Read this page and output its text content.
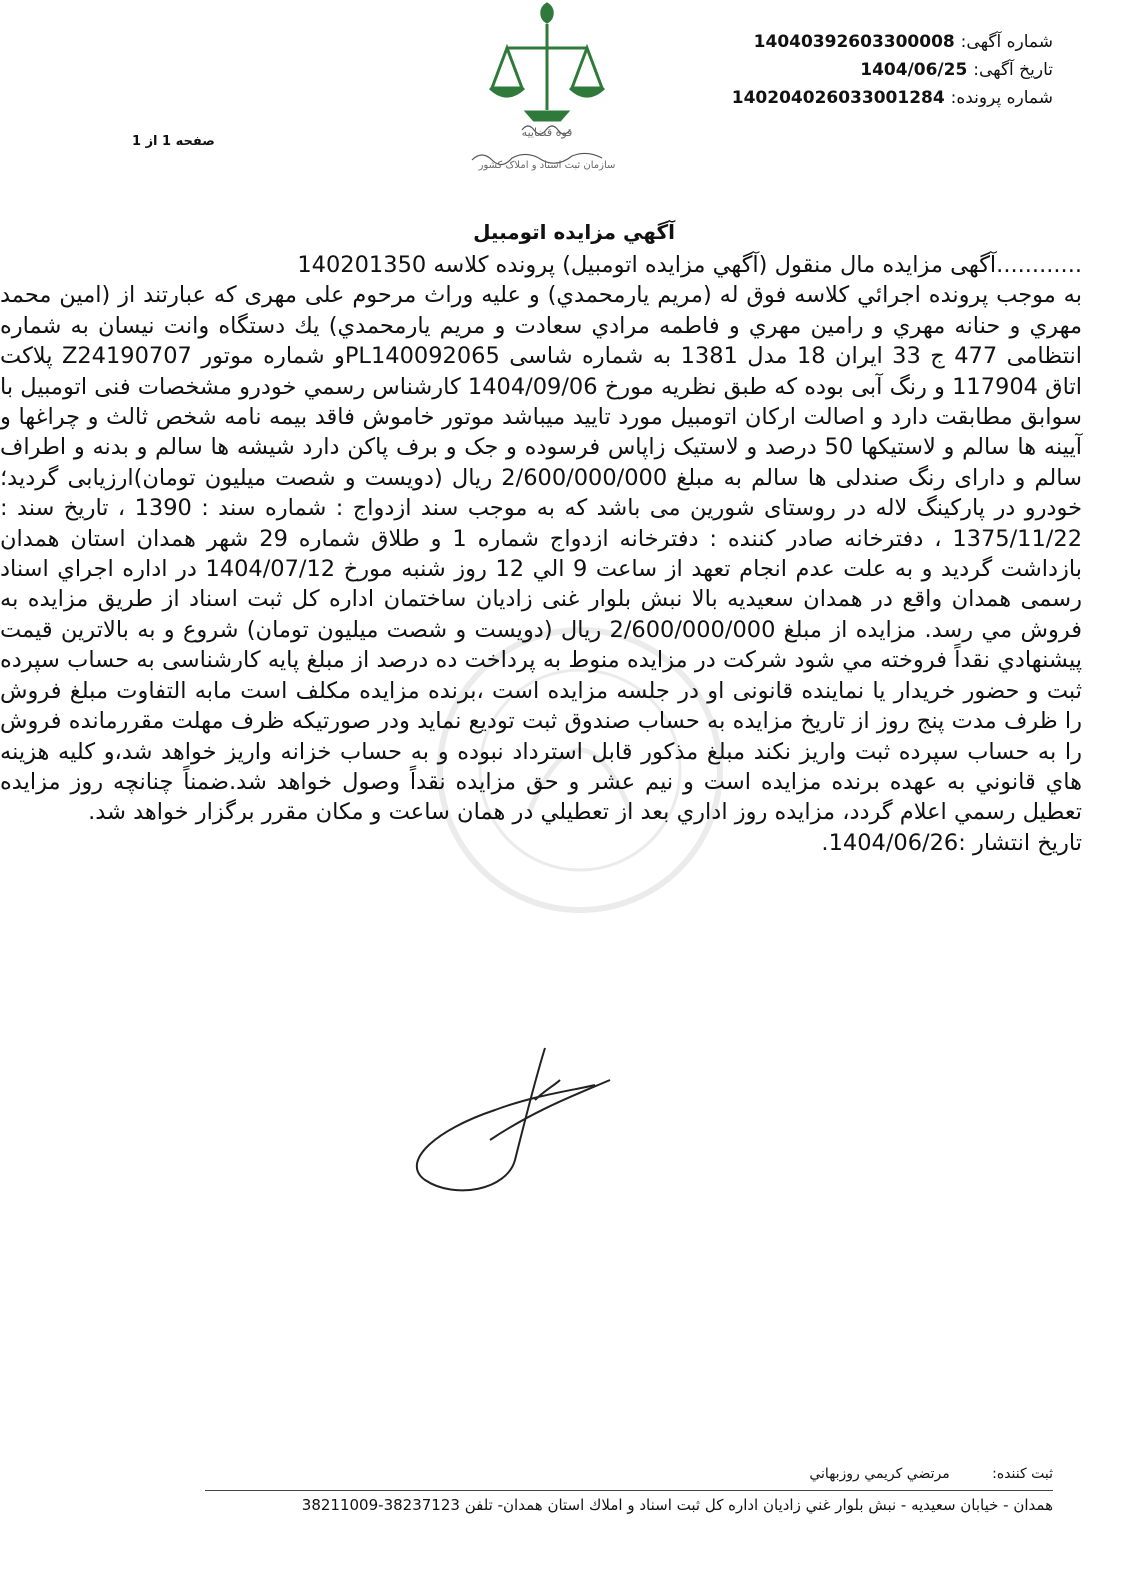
شماره آگهی: 14040392603300008
تاریخ آگهی: 1404/06/25
شماره پرونده: 140204026033001284
صفحه 1 از 1
قوه قضاییه
سازمان ثبت اسناد و املاک کشور
آگهي مزايده اتومبيل

............آگهی مزایده مال منقول (آگهي مزايده اتومبيل) پرونده كلاسه 140201350

به موجب پرونده اجرائي كلاسه فوق له (مريم يارمحمدي) و عليه وراث مرحوم علی مهری كه عبارتند از (امين محمد مهري و حنانه مهري و رامين مهري و فاطمه مرادي سعادت و مريم يارمحمدي) يك دستگاه وانت نیسان به شماره انتظامی 477 ج 33 ایران 18 مدل 1381 به شماره شاسی PL140092065و شماره موتور Z24190707 پلاکت اتاق 117904 و رنگ آبی بوده که طبق نظریه مورخ 1404/09/06 کارشناس رسمي خودرو مشخصات فنی اتومبیل با سوابق مطابقت دارد و اصالت ارکان اتومبیل مورد تایید میباشد موتور خاموش فاقد بیمه نامه شخص ثالث و چراغها و آیینه ها سالم و لاستیکها 50 درصد و لاستیک زاپاس فرسوده و جک و برف پاکن دارد شیشه ها سالم و بدنه و اطراف سالم و دارای رنگ صندلی ها سالم به مبلغ 2/600/000/000 ریال (دویست و شصت میلیون تومان)ارزیابی گردید؛خودرو در پارکینگ لاله در روستای شورین می باشد که به موجب سند ازدواج : شماره سند : 1390 ، تاریخ سند : 1375/11/22 ، دفترخانه صادر کننده : دفترخانه ازدواج شماره 1 و طلاق شماره 29 شهر همدان استان همدان بازداشت گرديد و به علت عدم انجام تعهد از ساعت 9 الي 12 روز شنبه مورخ 1404/07/12 در اداره اجراي اسناد رسمی همدان واقع در همدان سعیدیه بالا نبش بلوار غنی زادیان ساختمان اداره کل ثبت اسناد از طریق مزايده به فروش مي رسد. مزايده از مبلغ 2/600/000/000 ریال (دویست و شصت میلیون تومان) شروع و به بالاترين قيمت پيشنهادي نقداً فروخته مي شود شرکت در مزايده منوط به پرداخت ده درصد از مبلغ پایه کارشناسی به حساب سپرده ثبت و حضور خریدار یا نماینده قانونی او در جلسه مزایده است ،برنده مزايده مكلف است مابه التفاوت مبلغ فروش را ظرف مدت پنج روز از تاريخ مزايده به حساب صندوق ثبت تودیع نماید ودر صورتیكه ظرف مهلت مقررمانده فروش را به حساب سپرده ثبت واريز نكند مبلغ مذكور قابل استرداد نبوده و به حساب خزانه واريز خواهد شد،و كليه هزينه هاي قانوني به عهده برنده مزايده است و نيم عشر و حق مزايده نقداً وصول خواهد شد.ضمناً چنانچه روز مزايده تعطيل رسمي اعلام گردد، مزايده روز اداري بعد از تعطيلي در همان ساعت و مكان مقرر برگزار خواهد شد.

تاریخ انتشار :1404/06/26.

ثبت کننده: مرتضي كريمي روزبهاني
همدان - خيابان سعيديه - نبش بلوار غني زاديان اداره كل ثبت اسناد و املاك استان همدان- تلفن 38237123-38211009
